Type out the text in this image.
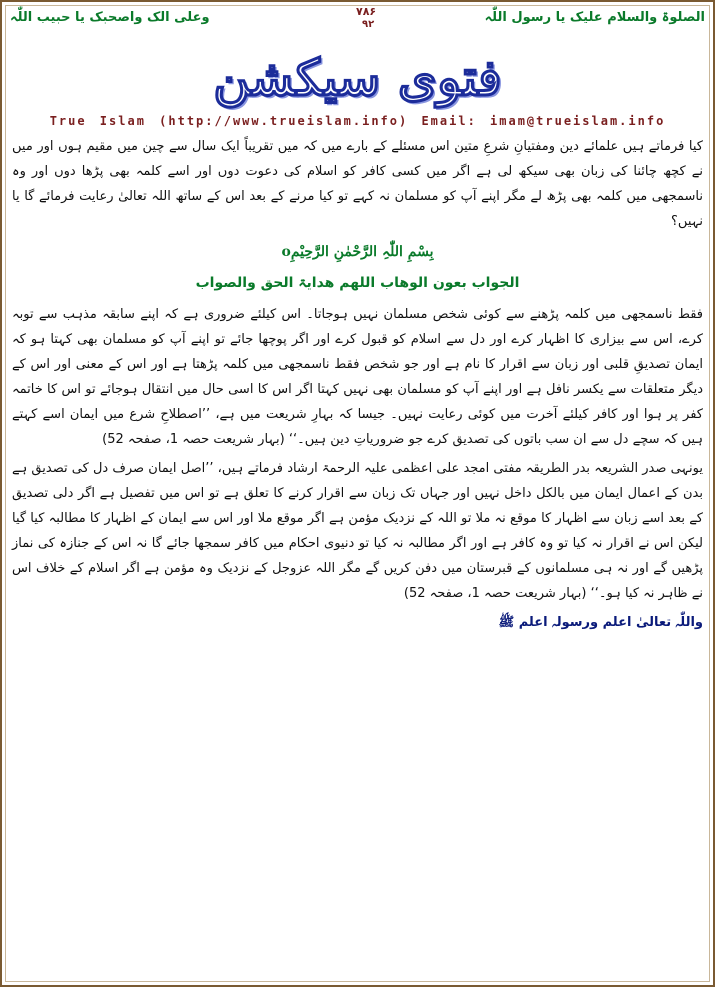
وعلی الک واصحبک یا حبیب اللّٰہ	۷۸۶
۹۲	الصلوۃ والسلام علیک یا رسول اللّٰہ
فتوی سیکشن
True Islam (http://www.trueislam.info) Email: imam@trueislam.info

کیا فرماتے ہیں علمائے دین ومفتیانِ شرعِ متین اس مسئلے کے بارے میں کہ میں تقریباً ایک سال سے چین میں مقیم ہوں اور میں نے کچھ چائنا کی زبان بھی سیکھ لی ہے اگر میں کسی کافر کو اسلام کی دعوت دوں اور اسے کلمہ بھی پڑھا دوں اور وہ ناسمجھی میں کلمہ بھی پڑھ لے مگر اپنے آپ کو مسلمان نہ کہے تو کیا مرنے کے بعد اس کے ساتھ اللہ تعالیٰ رعایت فرمائے گا یا نہیں؟

بِسْمِ اللّٰہِ الرَّحْمٰنِ الرَّحِیْمِo
الجواب بعون الوھاب اللھم ھدایۃ الحق والصواب

فقط ناسمجھی میں کلمہ پڑھنے سے کوئی شخص مسلمان نہیں ہوجاتا۔ اس کیلئے ضروری ہے کہ اپنے سابقہ مذہب سے توبہ کرے، اس سے بیزاری کا اظہار کرے اور دل سے اسلام کو قبول کرے اور اگر پوچھا جائے تو اپنے آپ کو مسلمان بھی کہتا ہو کہ ایمان تصدیقِ قلبی اور زبان سے اقرار کا نام ہے اور جو شخص فقط ناسمجھی میں کلمہ پڑھتا ہے اور اس کے معنی اور اس کے دیگر متعلقات سے یکسر نافل ہے اور اپنے آپ کو مسلمان بھی نہیں کہتا اگر اس کا اسی حال میں انتقال ہوجائے تو اس کا خاتمہ کفر پر ہوا اور کافر کیلئے آخرت میں کوئی رعایت نہیں۔ جیسا کہ بہارِ شریعت میں ہے، ’’اصطلاحِ شرع میں ایمان اسے کہتے ہیں کہ سچے دل سے ان سب باتوں کی تصدیق کرے جو ضروریاتِ دین ہیں۔‘‘ (بہار شریعت حصہ 1، صفحہ 52)

یونہی صدر الشریعہ بدر الطریقہ مفتی امجد علی اعظمی علیہ الرحمۃ ارشاد فرماتے ہیں، ’’اصل ایمان صرف دل کی تصدیق ہے بدن کے اعمال ایمان میں بالکل داخل نہیں اور جہاں تک زبان سے اقرار کرنے کا تعلق ہے تو اس میں تفصیل ہے اگر دلی تصدیق کے بعد اسے زبان سے اظہار کا موقع نہ ملا تو اللہ کے نزدیک مؤمن ہے اگر موقع ملا اور اس سے ایمان کے اظہار کا مطالبہ کیا گیا لیکن اس نے اقرار نہ کیا تو وہ کافر ہے اور اگر مطالبہ نہ کیا تو دنیوی احکام میں کافر سمجھا جائے گا نہ اس کے جنازہ کی نماز پڑھیں گے اور نہ ہی مسلمانوں کے قبرستان میں دفن کریں گے مگر اللہ عزوجل کے نزدیک وہ مؤمن ہے اگر اسلام کے خلاف اس نے ظاہر نہ کیا ہو۔‘‘ (بہار شریعت حصہ 1، صفحہ 52)

واللّٰہ تعالیٰ اعلم ورسولہ اعلم ﷺ
